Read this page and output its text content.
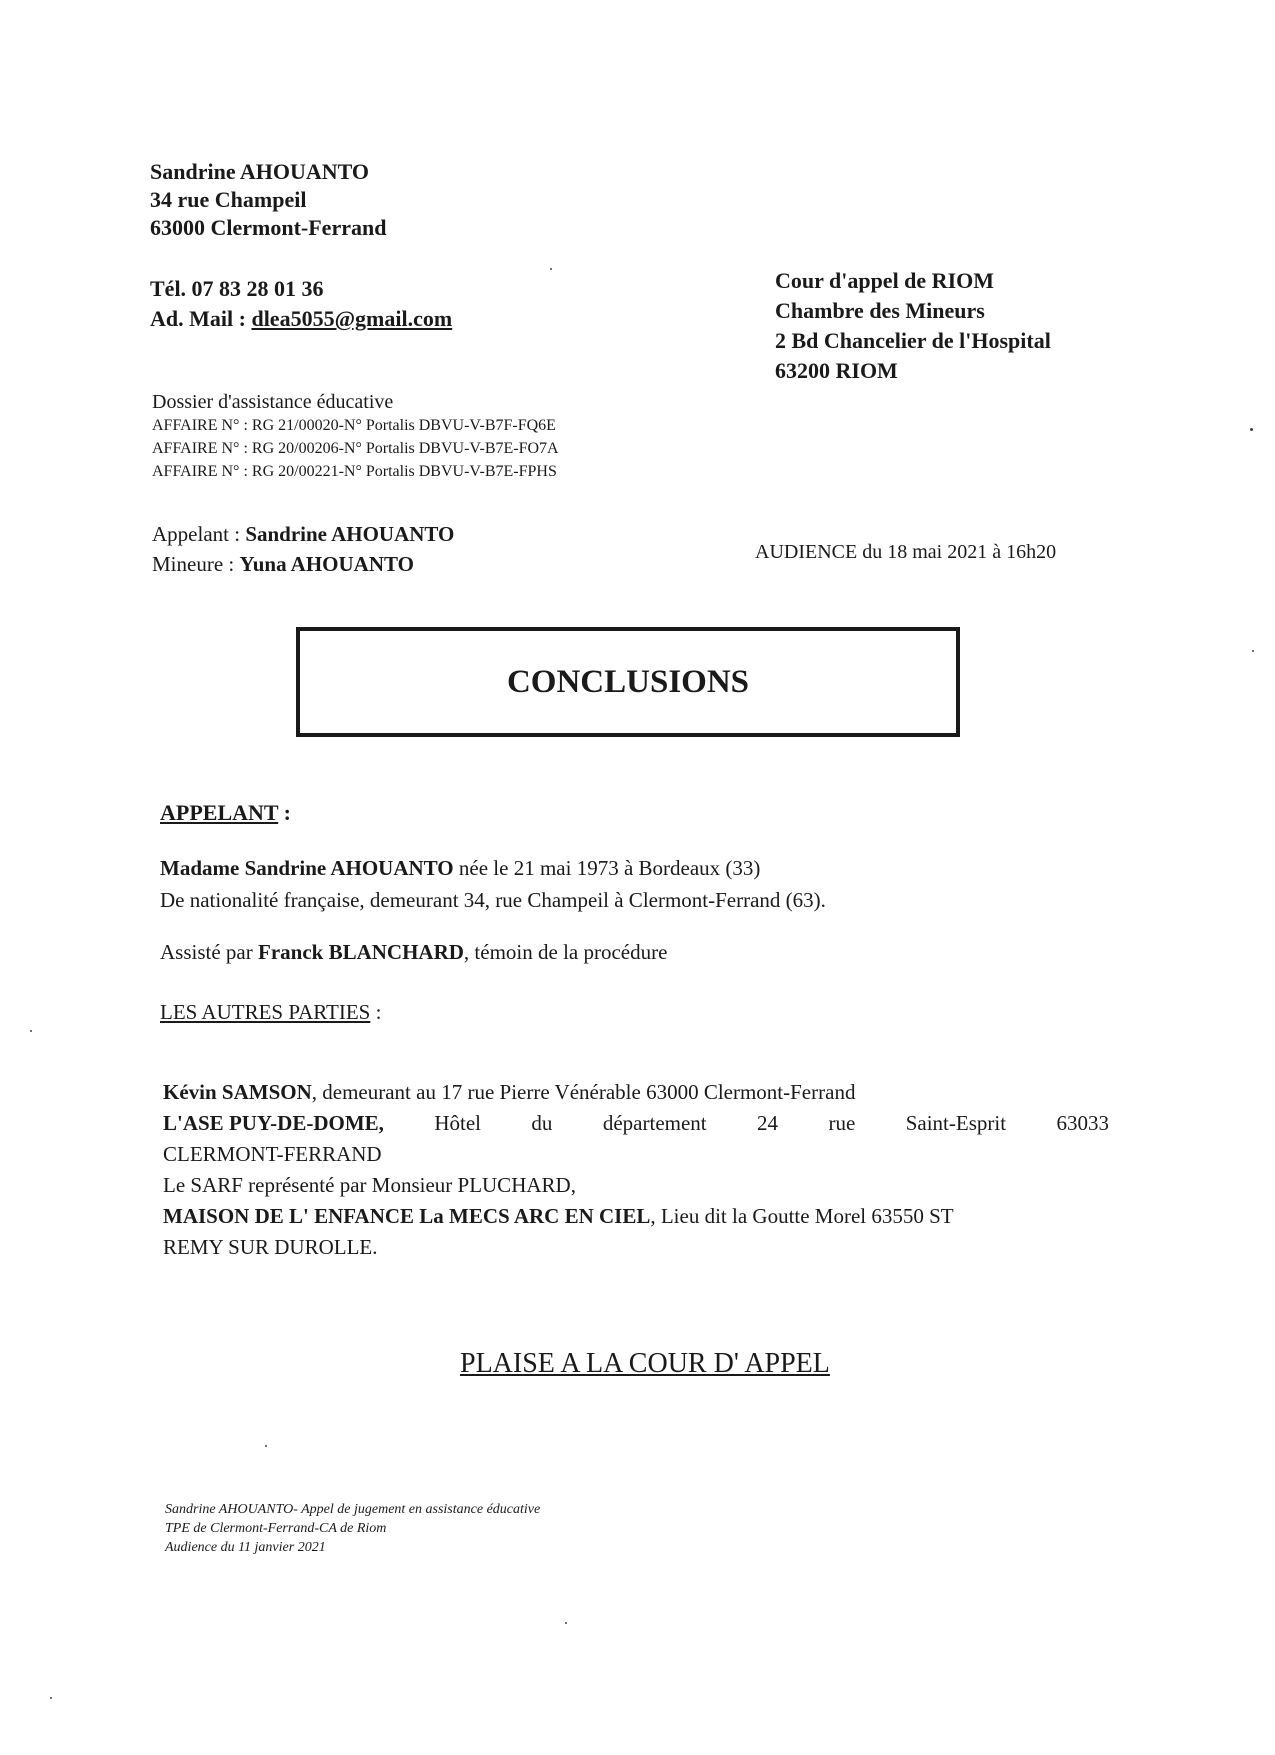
Sandrine AHOUANTO
34 rue Champeil
63000 Clermont-Ferrand
Tél. 07 83 28 01 36
Ad. Mail : dlea5055@gmail.com
Cour d'appel de RIOM
Chambre des Mineurs
2 Bd Chancelier de l'Hospital
63200 RIOM
Dossier d'assistance éducative
AFFAIRE N° : RG 21/00020-N° Portalis DBVU-V-B7F-FQ6E
AFFAIRE N° : RG 20/00206-N° Portalis DBVU-V-B7E-FO7A
AFFAIRE N° : RG 20/00221-N° Portalis DBVU-V-B7E-FPHS
Appelant : Sandrine AHOUANTO
Mineure : Yuna AHOUANTO	AUDIENCE du 18 mai 2021 à 16h20
CONCLUSIONS
APPELANT :
Madame Sandrine AHOUANTO née le 21 mai 1973 à Bordeaux (33)
De nationalité française, demeurant 34, rue Champeil à Clermont-Ferrand (63).
Assisté par Franck BLANCHARD, témoin de la procédure
LES AUTRES PARTIES :
Kévin SAMSON, demeurant au 17 rue Pierre Vénérable 63000 Clermont-Ferrand
L'ASE PUY-DE-DOME, Hôtel du département 24 rue Saint-Esprit 63033
CLERMONT-FERRAND
Le SARF représenté par Monsieur PLUCHARD,
MAISON DE L' ENFANCE La MECS ARC EN CIEL, Lieu dit la Goutte Morel 63550 ST
REMY SUR DUROLLE.
PLAISE A LA COUR D' APPEL
Sandrine AHOUANTO- Appel de jugement en assistance éducative
TPE de Clermont-Ferrand-CA de Riom
Audience du 11 janvier 2021
